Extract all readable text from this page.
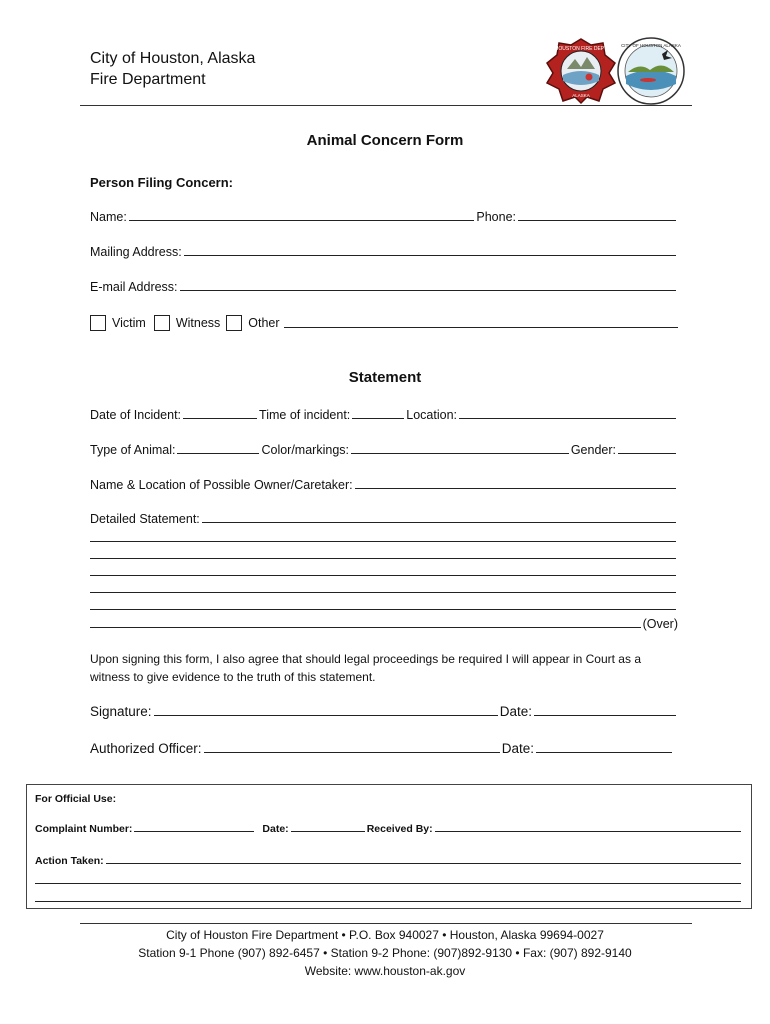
City of Houston, Alaska
Fire Department
HOUSTON FIRE DEPT
ALASKA
CITY OF HOUSTON ALASKA
Animal Concern Form
Person Filing Concern:
Name:	Phone:
Mailing Address:
E-mail Address:
Victim Witness Other
Statement
Date of Incident:	Time of incident:	Location:
Type of Animal:	Color/markings:	Gender:
Name & Location of Possible Owner/Caretaker:
Detailed Statement:
(Over)
Upon signing this form, I also agree that should legal proceedings be required I will appear in Court as a witness to give evidence to the truth of this statement.
Signature:	Date:
Authorized Officer:	Date:
For Official Use:
Complaint Number:	Date:	Received By:
Action Taken:
City of Houston Fire Department • P.O. Box 940027 • Houston, Alaska 99694-0027
Station 9-1 Phone (907) 892-6457 • Station 9-2 Phone: (907)892-9130 • Fax: (907) 892-9140
Website: www.houston-ak.gov
